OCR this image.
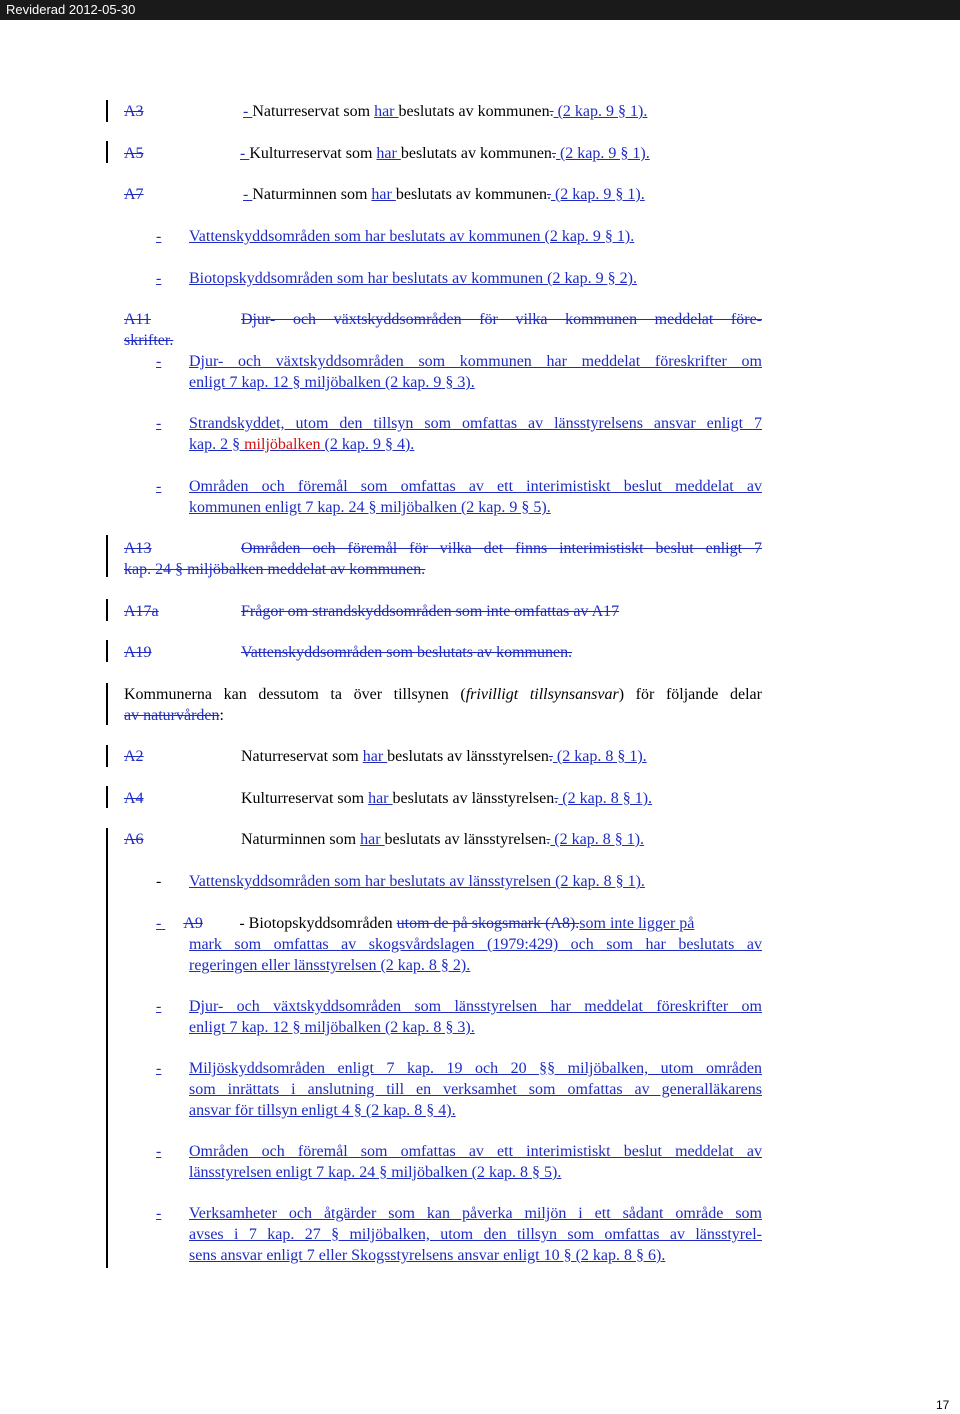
Reviderad 2012-05-30
A3	- Naturreservat som har beslutats av kommunen. (2 kap. 9 § 1).
A5	- Kulturreservat som har beslutats av kommunen. (2 kap. 9 § 1).
A7	- Naturminnen som har beslutats av kommunen. (2 kap. 9 § 1).
- Vattenskyddsområden som har beslutats av kommunen (2 kap. 9 § 1).
- Biotopskyddsområden som har beslutats av kommunen (2 kap. 9 § 2).
A11	Djur- och växtskyddsområden för vilka kommunen meddelat före-
skrifter.
- Djur- och växtskyddsområden som kommunen har meddelat föreskrifter om
enligt 7 kap. 12 § miljöbalken (2 kap. 9 § 3).
- Strandskyddet, utom den tillsyn som omfattas av länsstyrelsens ansvar enligt 7
kap. 2 § miljöbalken (2 kap. 9 § 4).
- Områden och föremål som omfattas av ett interimistiskt beslut meddelat av
kommunen enligt 7 kap. 24 § miljöbalken (2 kap. 9 § 5).
A13	Områden och föremål för vilka det finns interimistiskt beslut enligt 7
kap. 24 § miljöbalken meddelat av kommunen.
A17a	Frågor om strandskyddsområden som inte omfattas av A17
A19	Vattenskyddsområden som beslutats av kommunen.
Kommunerna kan dessutom ta över tillsynen (frivilligt tillsynsansvar) för följande delar
av naturvården:
A2	Naturreservat som har beslutats av länsstyrelsen. (2 kap. 8 § 1).
A4	Kulturreservat som har beslutats av länsstyrelsen. (2 kap. 8 § 1).
A6	Naturminnen som har beslutats av länsstyrelsen. (2 kap. 8 § 1).
- Vattenskyddsområden som har beslutats av länsstyrelsen (2 kap. 8 § 1).
- A9 - Biotopskyddsområden utom de på skogsmark (A8).som inte ligger på
mark som omfattas av skogsvårdslagen (1979:429) och som har beslutats av
regeringen eller länsstyrelsen (2 kap. 8 § 2).
- Djur- och växtskyddsområden som länsstyrelsen har meddelat föreskrifter om
enligt 7 kap. 12 § miljöbalken (2 kap. 8 § 3).
- Miljöskyddsområden enligt 7 kap. 19 och 20 §§ miljöbalken, utom områden
som inrättats i anslutning till en verksamhet som omfattas av generalläkarens
ansvar för tillsyn enligt 4 § (2 kap. 8 § 4).
- Områden och föremål som omfattas av ett interimistiskt beslut meddelat av
länsstyrelsen enligt 7 kap. 24 § miljöbalken (2 kap. 8 § 5).
- Verksamheter och åtgärder som kan påverka miljön i ett sådant område som
avses i 7 kap. 27 § miljöbalken, utom den tillsyn som omfattas av länsstyrel-
sens ansvar enligt 7 eller Skogsstyrelsens ansvar enligt 10 § (2 kap. 8 § 6).
17
